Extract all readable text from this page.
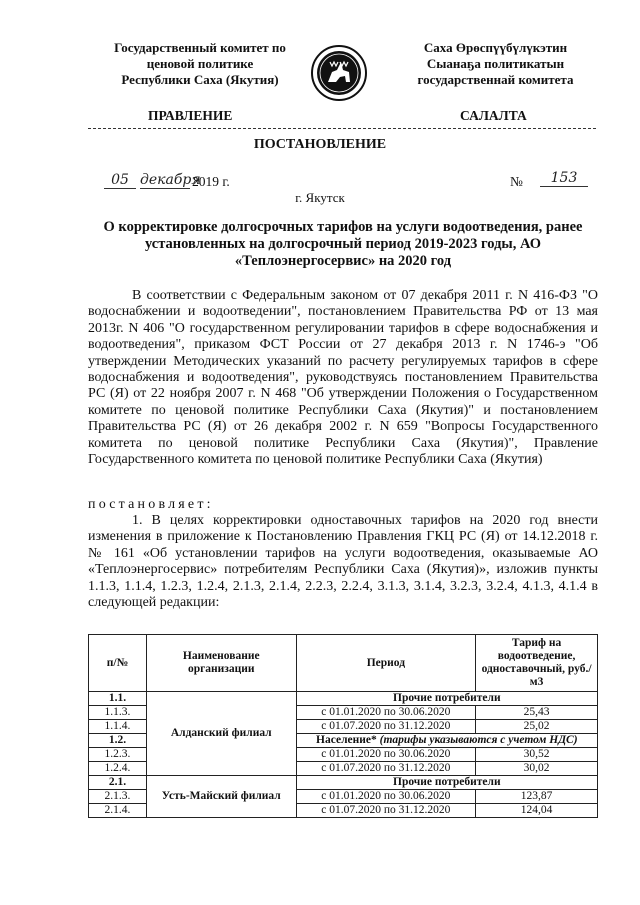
Государственный комитет по
ценовой политике
Республики Саха (Якутия)
Саха Өрөспүүбүлүкэтин
Сыанаҕа политикатын
государственнай комитета
ПРАВЛЕНИЕ	САЛАЛТА
ПОСТАНОВЛЕНИЕ
05 декабря
2019 г.	№	153
г. Якутск
О корректировке долгосрочных тарифов на услуги водоотведения, ранее установленных на долгосрочный период 2019-2023 годы, АО «Теплоэнергосервис» на 2020 год
В соответствии с Федеральным законом от 07 декабря 2011 г. N 416-ФЗ "О водоснабжении и водоотведении", постановлением Правительства РФ от 13 мая 2013г. N 406 "О государственном регулировании тарифов в сфере водоснабжения и водоотведения", приказом ФСТ России от 27 декабря 2013 г. N 1746-э "Об утверждении Методических указаний по расчету регулируемых тарифов в сфере водоснабжения и водоотведения", руководствуясь постановлением Правительства РС (Я) от 22 ноября 2007 г. N 468 "Об утверждении Положения о Государственном комитете по ценовой политике Республики Саха (Якутия)" и постановлением Правительства РС (Я) от 26 декабря 2002 г. N 659 "Вопросы Государственного комитета по ценовой политике Республики Саха (Якутия)", Правление Государственного комитета по ценовой политике Республики Саха (Якутия)
постановляет:
1. В целях корректировки одноставочных тарифов на 2020 год внести изменения в приложение к Постановлению Правления ГКЦ РС (Я) от 14.12.2018 г. № 161 «Об установлении тарифов на услуги водоотведения, оказываемые АО «Теплоэнергосервис» потребителям Республики Саха (Якутия)», изложив пункты 1.1.3, 1.1.4, 1.2.3, 1.2.4, 2.1.3, 2.1.4, 2.2.3, 2.2.4, 3.1.3, 3.1.4, 3.2.3, 3.2.4, 4.1.3, 4.1.4 в следующей редакции:
п/№	Наименование организации	Период	Тариф на водоотведение, одноставочный, руб./м3
1.1.	Алданский филиал	Прочие потребители	
1.1.3.		с 01.01.2020 по 30.06.2020	25,43
1.1.4.		с 01.07.2020 по 31.12.2020	25,02
1.2.		Население* (тарифы указываются с учетом НДС)	
1.2.3.		с 01.01.2020 по 30.06.2020	30,52
1.2.4.		с 01.07.2020 по 31.12.2020	30,02
2.1.	Усть-Майский филиал	Прочие потребители	
2.1.3.		с 01.01.2020 по 30.06.2020	123,87
2.1.4.		с 01.07.2020 по 31.12.2020	124,04
